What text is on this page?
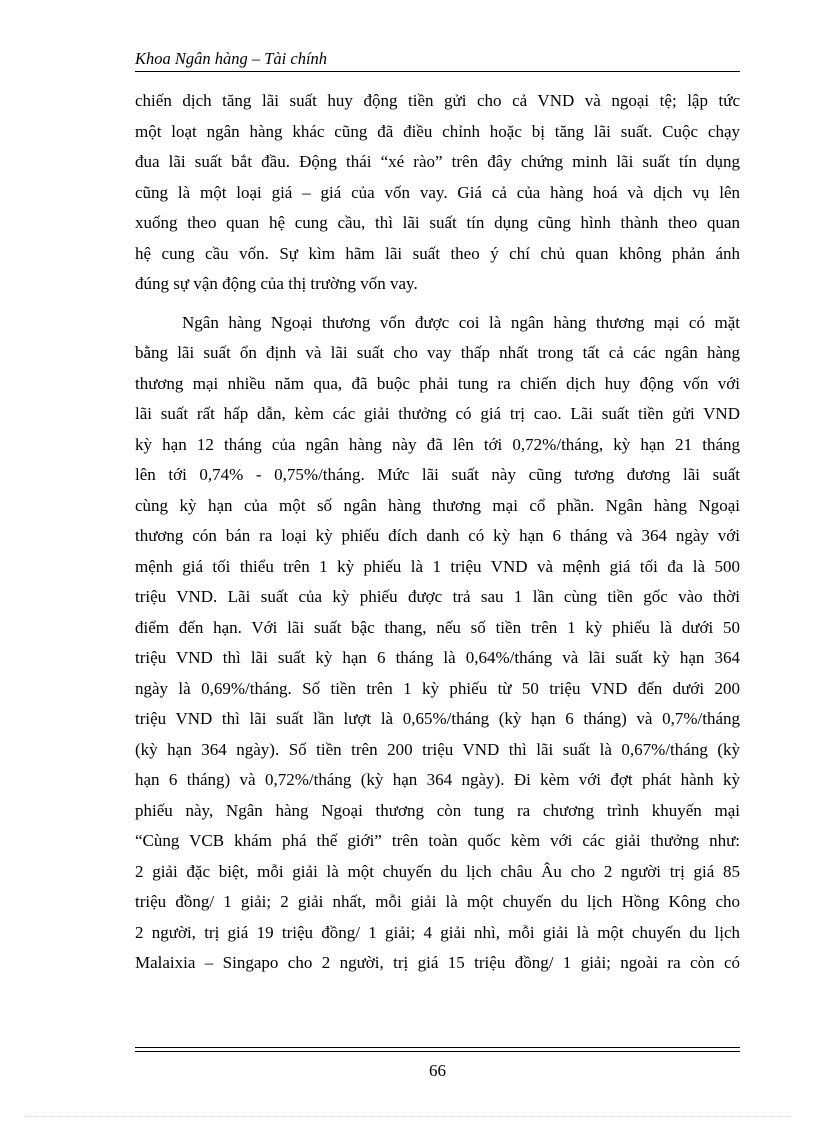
Khoa Ngân hàng – Tài chính

chiến dịch tăng lãi suất huy động tiền gửi cho cả VND và ngoại tệ; lập tức

một loạt ngân hàng khác cũng đã điều chỉnh hoặc bị tăng lãi suất. Cuộc chạy

đua lãi suất bắt đầu. Động thái “xé rào” trên đây chứng minh lãi suất tín dụng

cũng là một loại giá – giá của vốn vay. Giá cả của hàng hoá và dịch vụ lên

xuống theo quan hệ cung cầu, thì lãi suất tín dụng cũng hình thành theo quan

hệ cung cầu vốn. Sự kìm hãm lãi suất theo ý chí chủ quan không phản ánh

đúng sự vận động của thị trường vốn vay.

Ngân hàng Ngoại thương vốn được coi là ngân hàng thương mại có mặt

bằng lãi suất ổn định và lãi suất cho vay thấp nhất trong tất cả các ngân hàng

thương mại nhiều năm qua, đã buộc phải tung ra chiến dịch huy động vốn với

lãi suất rất hấp dẫn, kèm các giải thưởng có giá trị cao. Lãi suất tiền gửi VND

kỳ hạn 12 tháng của ngân hàng này đã lên tới 0,72%/tháng, kỳ hạn 21 tháng

lên tới 0,74% - 0,75%/tháng. Mức lãi suất này cũng tương đương lãi suất

cùng kỳ hạn của một số ngân hàng thương mại cổ phần. Ngân hàng Ngoại

thương cón bán ra loại kỳ phiếu đích danh có kỳ hạn 6 tháng và 364 ngày với

mệnh giá tối thiểu trên 1 kỳ phiếu là 1 triệu VND và mệnh giá tối đa là 500

triệu VND. Lãi suất của kỳ phiếu được trả sau 1 lần cùng tiền gốc vào thời

điểm đến hạn. Với lãi suất bậc thang, nếu số tiền trên 1 kỳ phiếu là dưới 50

triệu VND thì lãi suất kỳ hạn 6 tháng là 0,64%/tháng và lãi suất kỳ hạn 364

ngày là 0,69%/tháng. Số tiền trên 1 kỳ phiếu từ 50 triệu VND đến dưới 200

triệu VND thì lãi suất lần lượt là 0,65%/tháng (kỳ hạn 6 tháng) và 0,7%/tháng

(kỳ hạn 364 ngày). Số tiền trên 200 triệu VND thì lãi suất là 0,67%/tháng (kỳ

hạn 6 tháng) và 0,72%/tháng (kỳ hạn 364 ngày). Đi kèm với đợt phát hành kỳ

phiếu này, Ngân hàng Ngoại thương còn tung ra chương trình khuyến mại

“Cùng VCB khám phá thế giới” trên toàn quốc kèm với các giải thưởng như:

2 giải đặc biệt, mỗi giải là một chuyến du lịch châu Âu cho 2 người trị giá 85

triệu đồng/ 1 giải; 2 giải nhất, mỗi giải là một chuyến du lịch Hồng Kông cho

2 người, trị giá 19 triệu đồng/ 1 giải; 4 giải nhì, mỗi giải là một chuyến du lịch

Malaixia – Singapo cho 2 người, trị giá 15 triệu đồng/ 1 giải; ngoài ra còn có

66
